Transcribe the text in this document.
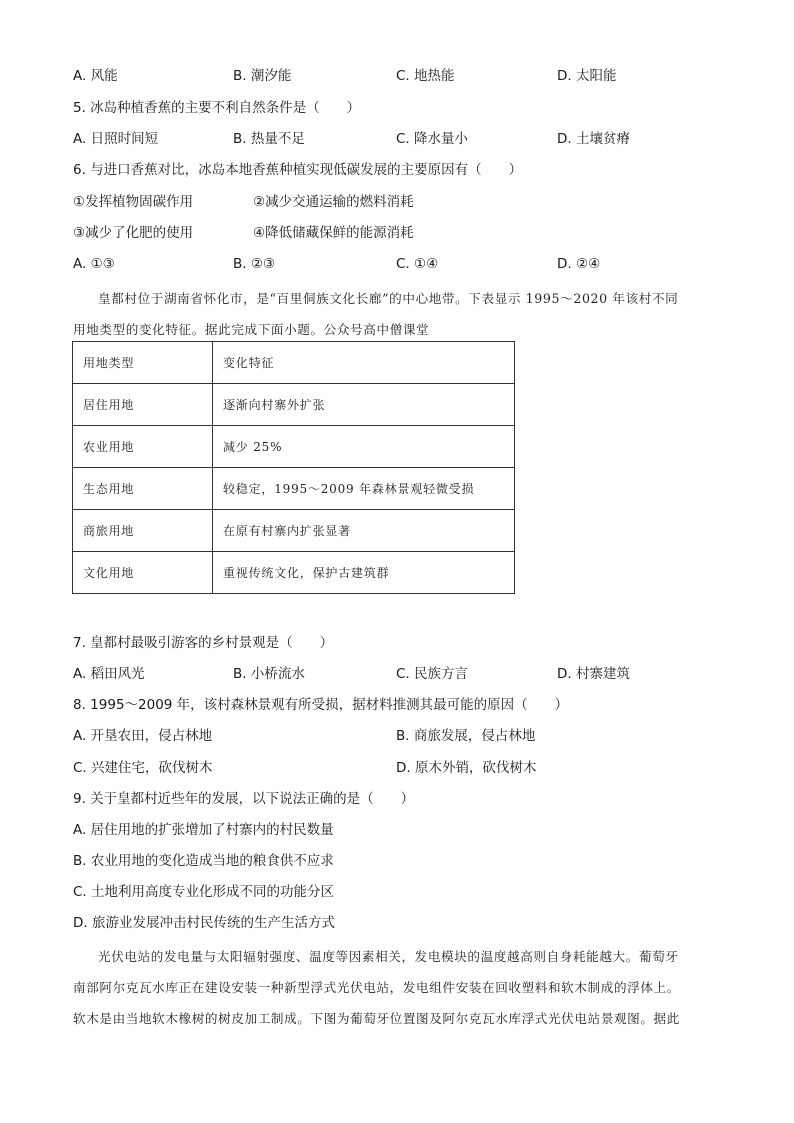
A. 风能	B. 潮汐能	C. 地热能	D. 太阳能
5. 冰岛种植香蕉的主要不利自然条件是（　　）
A. 日照时间短	B. 热量不足	C. 降水量小	D. 土壤贫瘠
6. 与进口香蕉对比，冰岛本地香蕉种植实现低碳发展的主要原因有（　　）
①发挥植物固碳作用	②减少交通运输的燃料消耗
③减少了化肥的使用	④降低储藏保鲜的能源消耗
A. ①③	B. ②③	C. ①④	D. ②④

皇都村位于湖南省怀化市，是“百里侗族文化长廊”的中心地带。下表显示 1995～2020 年该村不同

用地类型的变化特征。据此完成下面小题。公众号高中僧课堂

用地类型	变化特征
居住用地	逐渐向村寨外扩张
农业用地	减少 25%
生态用地	较稳定，1995～2009 年森林景观轻微受损
商旅用地	在原有村寨内扩张显著
文化用地	重视传统文化，保护古建筑群
7. 皇都村最吸引游客的乡村景观是（　　）
A. 稻田风光	B. 小桥流水	C. 民族方言	D. 村寨建筑
8. 1995～2009 年，该村森林景观有所受损，据材料推测其最可能的原因（　　）
A. 开垦农田，侵占林地	B. 商旅发展，侵占林地
C. 兴建住宅，砍伐树木	D. 原木外销，砍伐树木
9. 关于皇都村近些年的发展，以下说法正确的是（　　）
A. 居住用地的扩张增加了村寨内的村民数量
B. 农业用地的变化造成当地的粮食供不应求
C. 土地利用高度专业化形成不同的功能分区
D. 旅游业发展冲击村民传统的生产生活方式

光伏电站的发电量与太阳辐射强度、温度等因素相关，发电模块的温度越高则自身耗能越大。葡萄牙

南部阿尔克瓦水库正在建设安装一种新型浮式光伏电站，发电组件安装在回收塑料和软木制成的浮体上。

软木是由当地软木橡树的树皮加工制成。下图为葡萄牙位置图及阿尔克瓦水库浮式光伏电站景观图。据此
